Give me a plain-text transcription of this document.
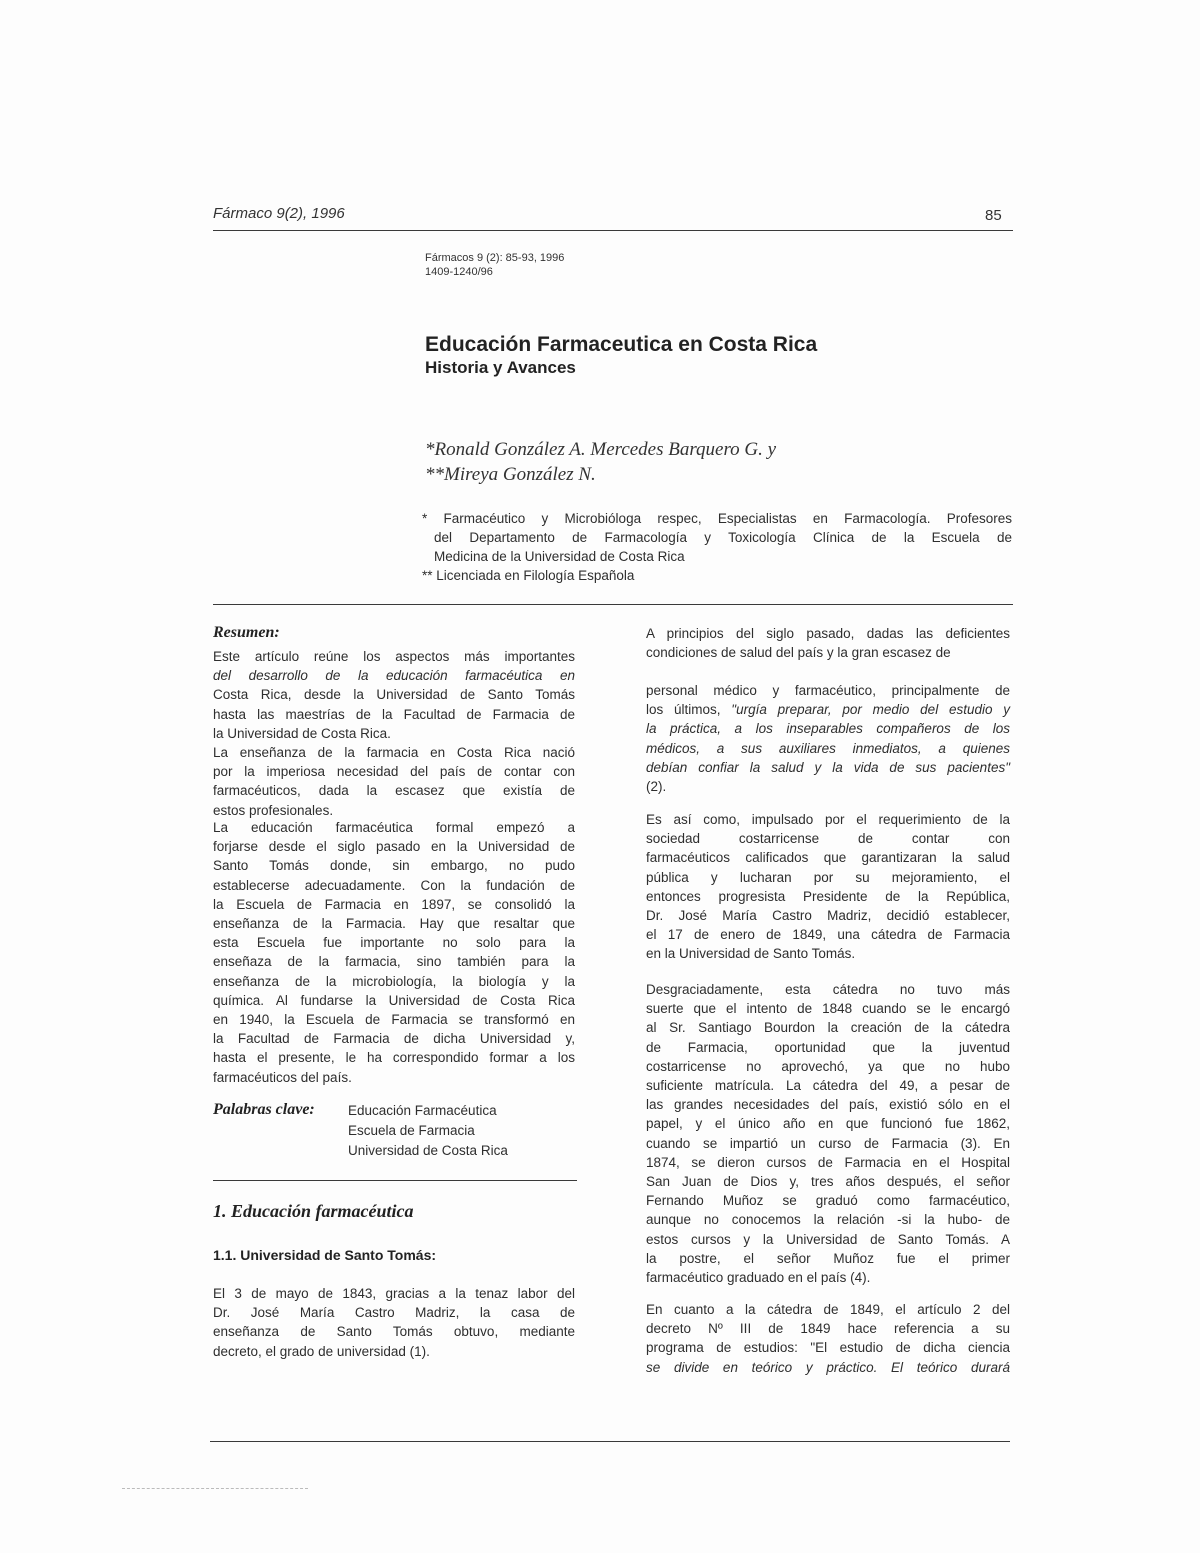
Fármaco 9(2), 1996	85
Fármacos 9 (2): 85-93, 1996
1409-1240/96
Educación Farmaceutica en Costa Rica
Historia y Avances
*Ronald González A. Mercedes Barquero G. y
**Mireya González N.
* Farmacéutico y Microbióloga respec, Especialistas en Farmacología. Profesores
del Departamento de Farmacología y Toxicología Clínica de la Escuela de
Medicina de la Universidad de Costa Rica
** Licenciada en Filología Española
Resumen:
Este artículo reúne los aspectos más importantes
del desarrollo de la educación farmacéutica en
Costa Rica, desde la Universidad de Santo Tomás
hasta las maestrías de la Facultad de Farmacia de
la Universidad de Costa Rica.
La enseñanza de la farmacia en Costa Rica nació
por la imperiosa necesidad del país de contar con
farmacéuticos, dada la escasez que existía de
estos profesionales.
La educación farmacéutica formal empezó a
forjarse desde el siglo pasado en la Universidad de
Santo Tomás donde, sin embargo, no pudo
establecerse adecuadamente. Con la fundación de
la Escuela de Farmacia en 1897, se consolidó la
enseñanza de la Farmacia. Hay que resaltar que
esta Escuela fue importante no solo para la
enseñaza de la farmacia, sino también para la
enseñanza de la microbiología, la biología y la
química. Al fundarse la Universidad de Costa Rica
en 1940, la Escuela de Farmacia se transformó en
la Facultad de Farmacia de dicha Universidad y,
hasta el presente, le ha correspondido formar a los
farmacéuticos del país.
Palabras clave: Educación Farmacéutica
Escuela de Farmacia
Universidad de Costa Rica
1. Educación farmacéutica
1.1. Universidad de Santo Tomás:
El 3 de mayo de 1843, gracias a la tenaz labor del
Dr. José María Castro Madriz, la casa de
enseñanza de Santo Tomás obtuvo, mediante
decreto, el grado de universidad (1).
A principios del siglo pasado, dadas las deficientes
condiciones de salud del país y la gran escasez de
personal médico y farmacéutico, principalmente de
los últimos, "urgía preparar, por medio del estudio y
la práctica, a los inseparables compañeros de los
médicos, a sus auxiliares inmediatos, a quienes
debían confiar la salud y la vida de sus pacientes"
(2).
Es así como, impulsado por el requerimiento de la
sociedad costarricense de contar con
farmacéuticos calificados que garantizaran la salud
pública y lucharan por su mejoramiento, el
entonces progresista Presidente de la República,
Dr. José María Castro Madriz, decidió establecer,
el 17 de enero de 1849, una cátedra de Farmacia
en la Universidad de Santo Tomás.
Desgraciadamente, esta cátedra no tuvo más
suerte que el intento de 1848 cuando se le encargó
al Sr. Santiago Bourdon la creación de la cátedra
de Farmacia, oportunidad que la juventud
costarricense no aprovechó, ya que no hubo
suficiente matrícula. La cátedra del 49, a pesar de
las grandes necesidades del país, existió sólo en el
papel, y el único año en que funcionó fue 1862,
cuando se impartió un curso de Farmacia (3). En
1874, se dieron cursos de Farmacia en el Hospital
San Juan de Dios y, tres años después, el señor
Fernando Muñoz se graduó como farmacéutico,
aunque no conocemos la relación -si la hubo- de
estos cursos y la Universidad de Santo Tomás. A
la postre, el señor Muñoz fue el primer
farmacéutico graduado en el país (4).
En cuanto a la cátedra de 1849, el artículo 2 del
decreto Nº III de 1849 hace referencia a su
programa de estudios: "El estudio de dicha ciencia
se divide en teórico y práctico. El teórico durará
